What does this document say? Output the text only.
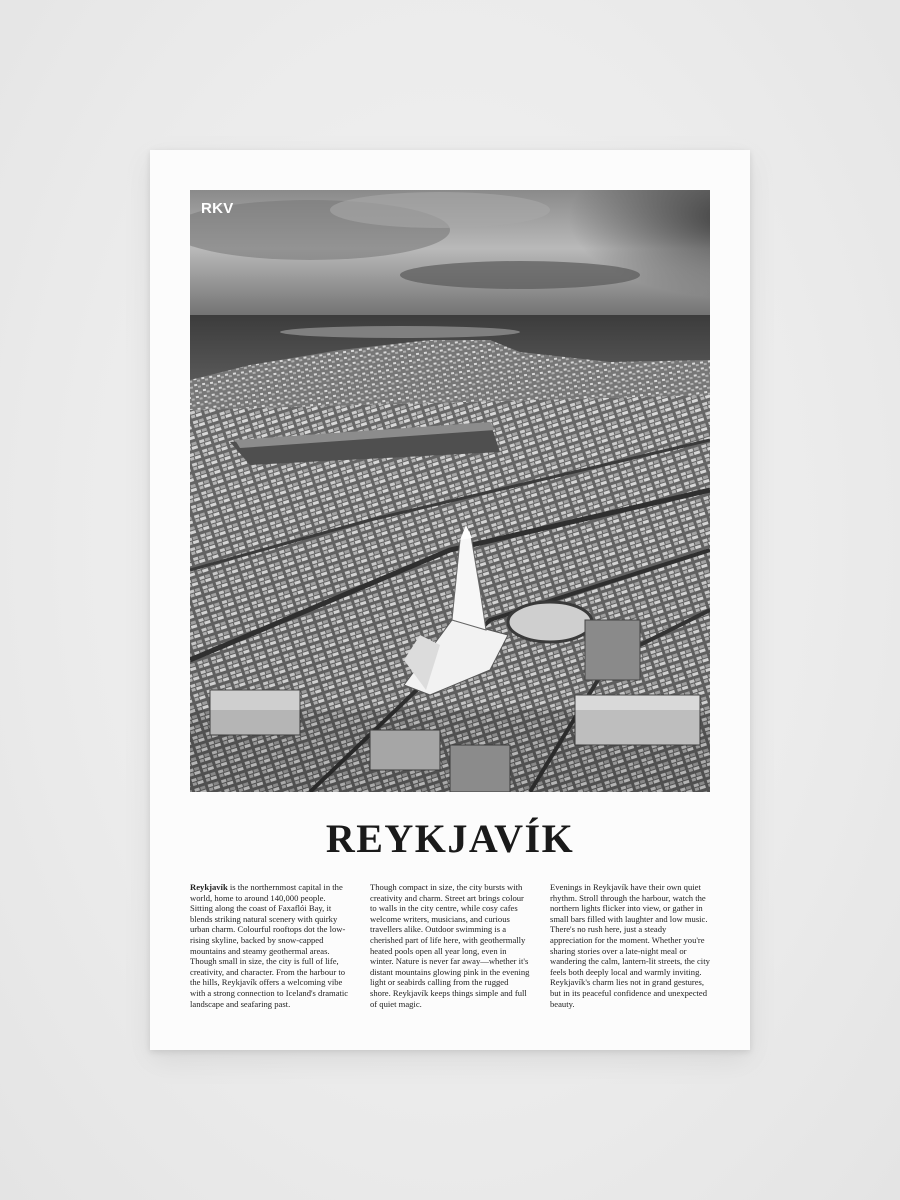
RKV
REYKJAVÍK
Reykjavík is the northernmost capital in the world, home to around 140,000 people. Sitting along the coast of Faxaflói Bay, it blends striking natural scenery with quirky urban charm. Colourful rooftops dot the low-rising skyline, backed by snow-capped mountains and steamy geothermal areas. Though small in size, the city is full of life, creativity, and character. From the harbour to the hills, Reykjavík offers a welcoming vibe with a strong connection to Iceland's dramatic landscape and seafaring past.
Though compact in size, the city bursts with creativity and charm. Street art brings colour to walls in the city centre, while cosy cafes welcome writers, musicians, and curious travellers alike. Outdoor swimming is a cherished part of life here, with geothermally heated pools open all year long, even in winter. Nature is never far away—whether it's distant mountains glowing pink in the evening light or seabirds calling from the rugged shore. Reykjavík keeps things simple and full of quiet magic.
Evenings in Reykjavík have their own quiet rhythm. Stroll through the harbour, watch the northern lights flicker into view, or gather in small bars filled with laughter and low music. There's no rush here, just a steady appreciation for the moment. Whether you're sharing stories over a late-night meal or wandering the calm, lantern-lit streets, the city feels both deeply local and warmly inviting. Reykjavík's charm lies not in grand gestures, but in its peaceful confidence and unexpected beauty.
